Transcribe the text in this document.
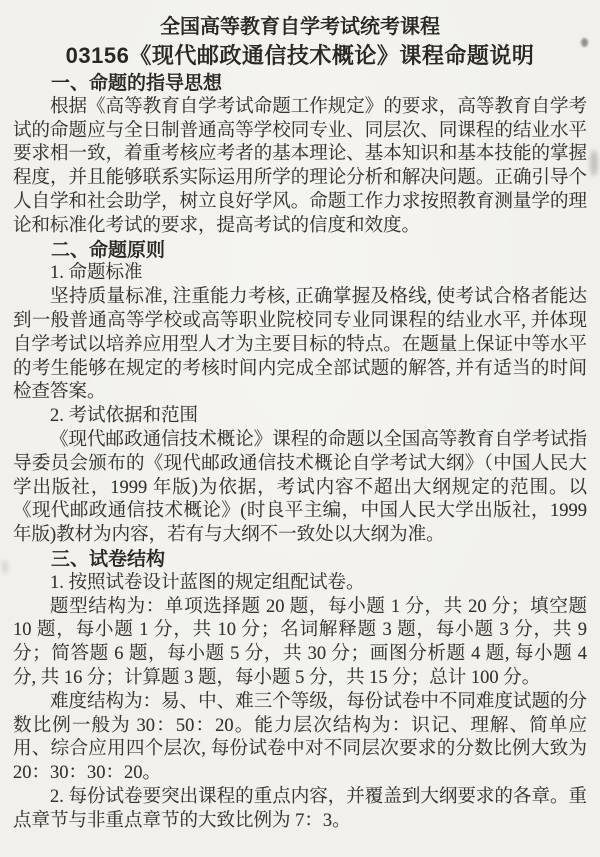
全国高等教育自学考试统考课程
03156《现代邮政通信技术概论》课程命题说明
一、命题的指导思想

根据《高等教育自学考试命题工作规定》的要求，高等教育自学考试的命题应与全日制普通高等学校同专业、同层次、同课程的结业水平要求相一致，着重考核应考者的基本理论、基本知识和基本技能的掌握程度，并且能够联系实际运用所学的理论分析和解决问题。正确引导个人自学和社会助学，树立良好学风。命题工作力求按照教育测量学的理论和标准化考试的要求，提高考试的信度和效度。

二、命题原则

1. 命题标准

坚持质量标准, 注重能力考核, 正确掌握及格线, 使考试合格者能达到一般普通高等学校或高等职业院校同专业同课程的结业水平, 并体现自学考试以培养应用型人才为主要目标的特点。在题量上保证中等水平的考生能够在规定的考核时间内完成全部试题的解答, 并有适当的时间检查答案。

2. 考试依据和范围

《现代邮政通信技术概论》课程的命题以全国高等教育自学考试指导委员会颁布的《现代邮政通信技术概论自学考试大纲》（中国人民大学出版社，1999 年版)为依据，考试内容不超出大纲规定的范围。以《现代邮政通信技术概论》(时良平主编，中国人民大学出版社，1999 年版)教材为内容，若有与大纲不一致处以大纲为准。

三、试卷结构

1. 按照试卷设计蓝图的规定组配试卷。

题型结构为：单项选择题 20 题，每小题 1 分，共 20 分；填空题 10 题，每小题 1 分，共 10 分；名词解释题 3 题，每小题 3 分，共 9 分；简答题 6 题，每小题 5 分，共 30 分；画图分析题 4 题, 每小题 4 分, 共 16 分；计算题 3 题，每小题 5 分，共 15 分；总计 100 分。

难度结构为：易、中、难三个等级，每份试卷中不同难度试题的分数比例一般为 30：50：20。能力层次结构为：识记、理解、简单应用、综合应用四个层次, 每份试卷中对不同层次要求的分数比例大致为 20：30：30：20。

2. 每份试卷要突出课程的重点内容，并覆盖到大纲要求的各章。重点章节与非重点章节的大致比例为 7：3。
